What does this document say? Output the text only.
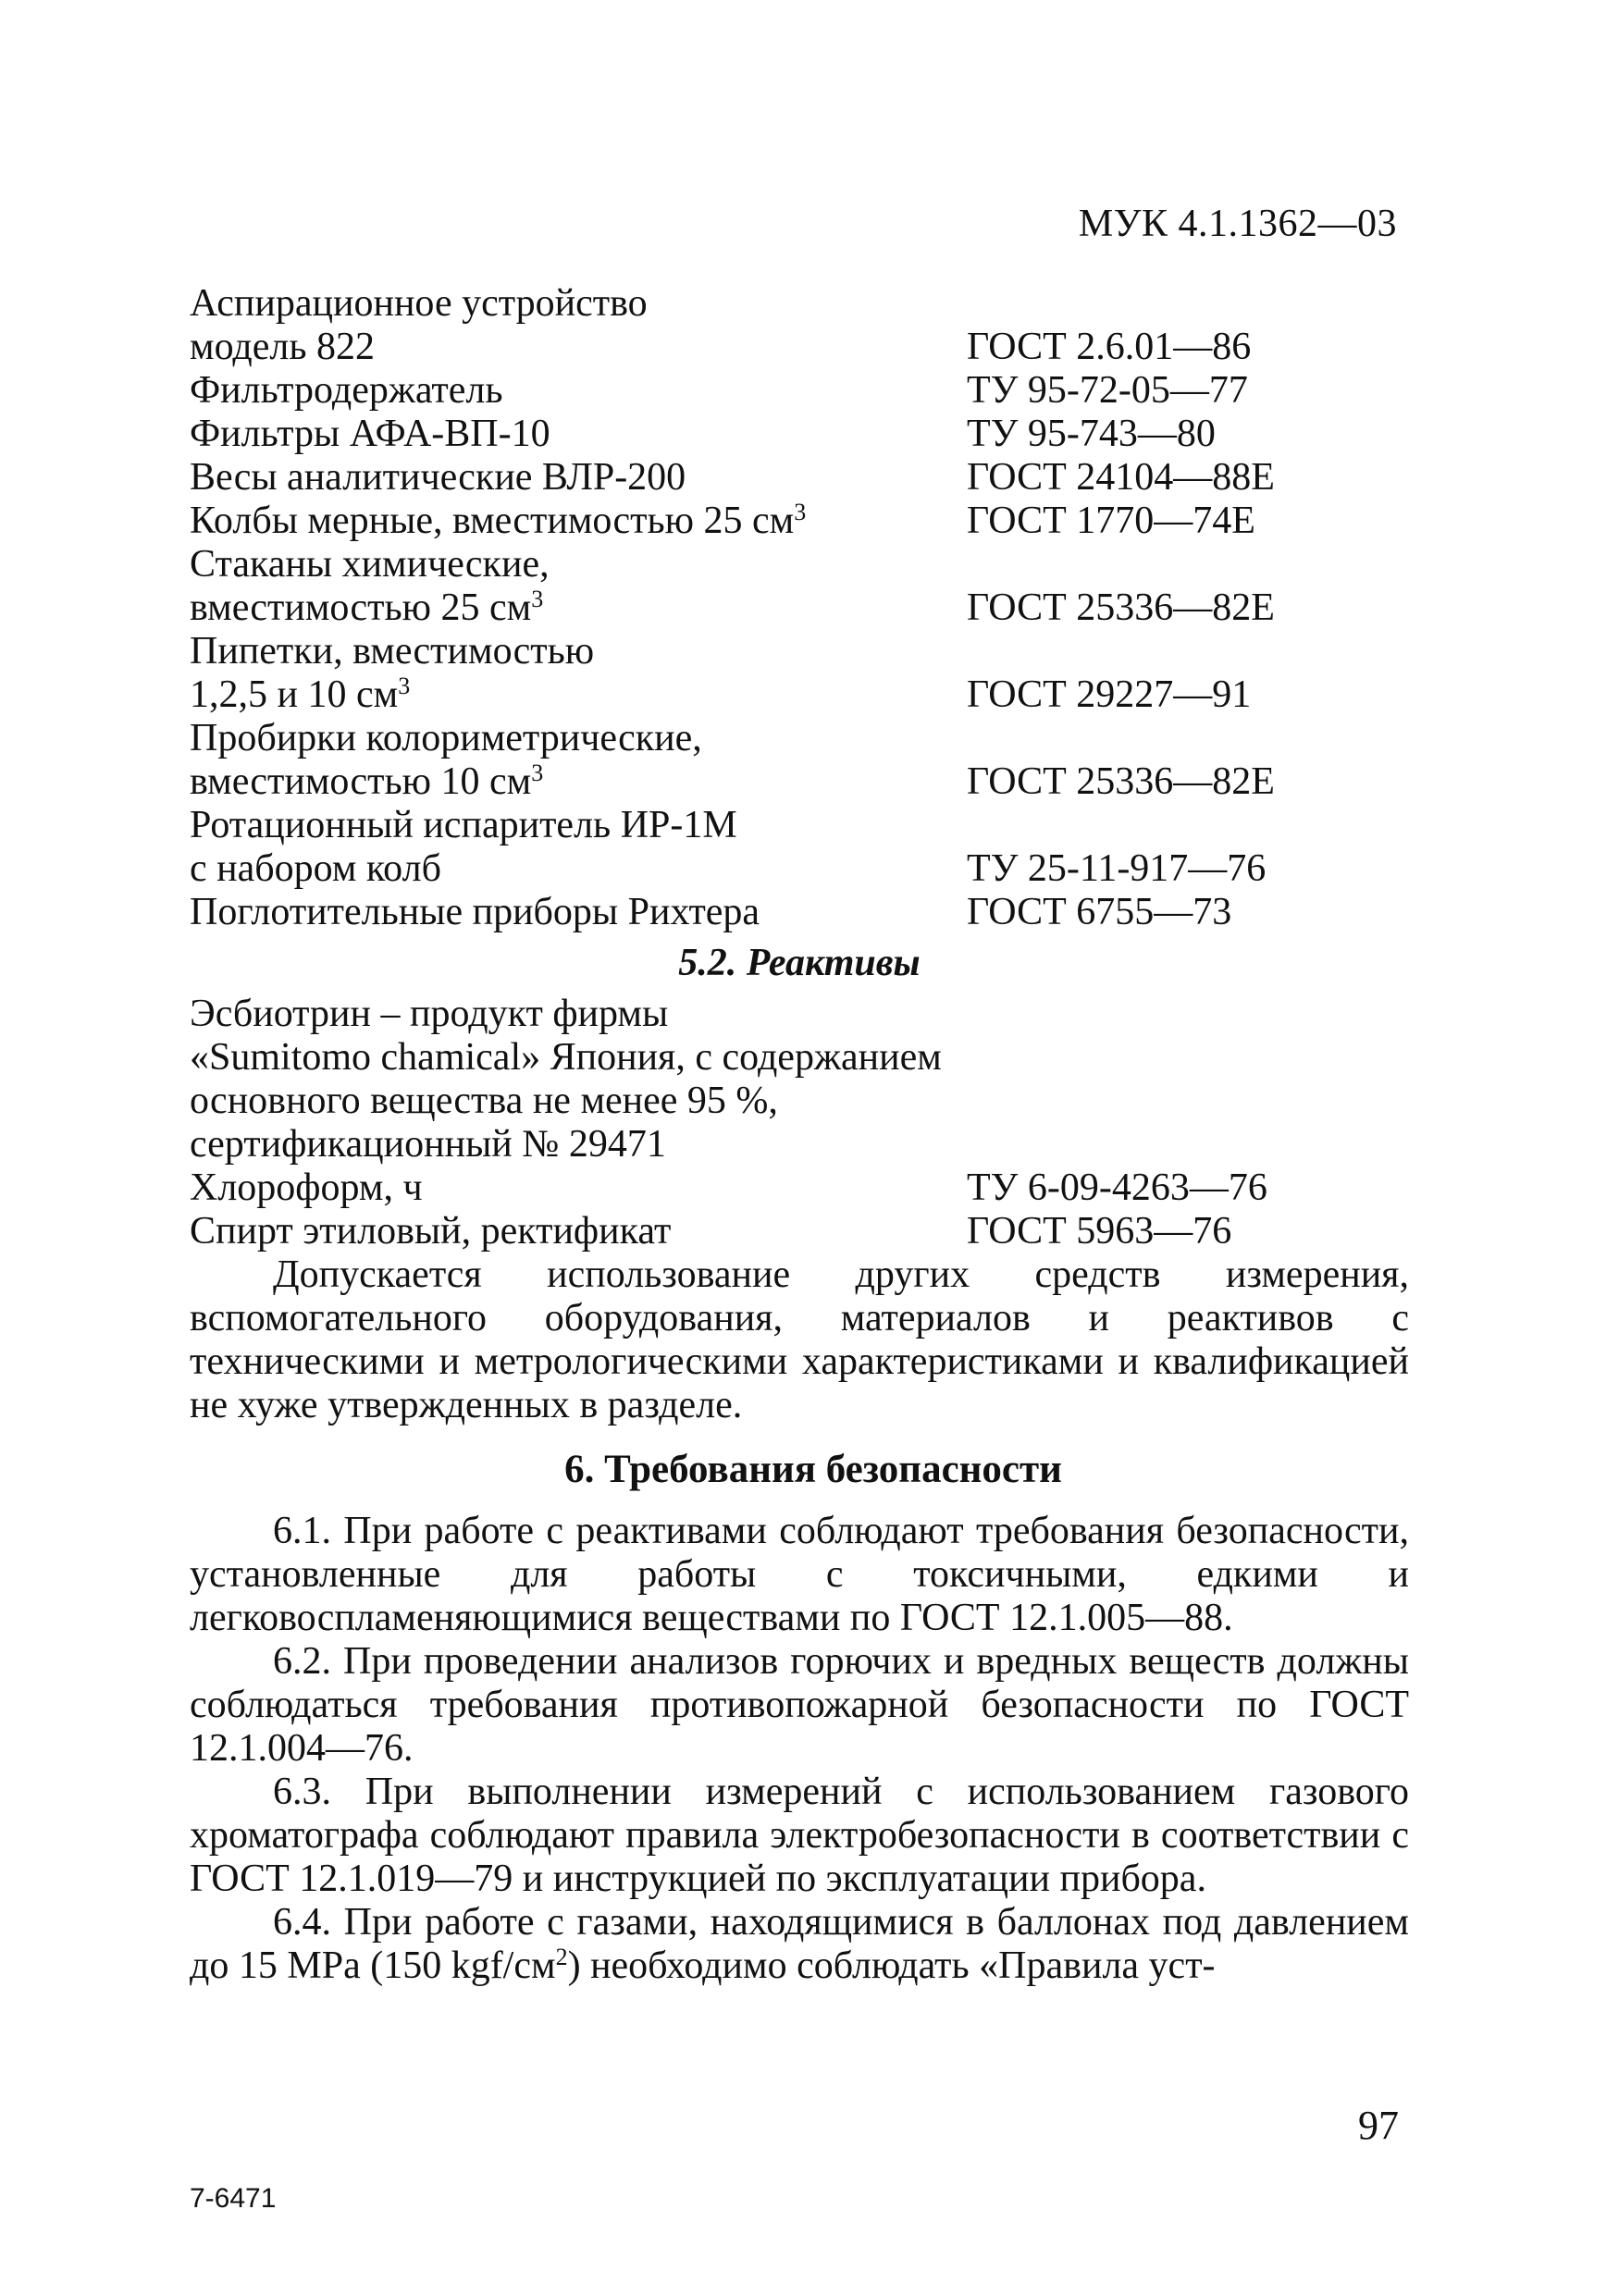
МУК 4.1.1362—03
Аспирационное устройство
модель 822	ГОСТ 2.6.01—86
Фильтродержатель	ТУ 95-72-05—77
Фильтры АФА-ВП-10	ТУ 95-743—80
Весы аналитические ВЛР-200	ГОСТ 24104—88Е
Колбы мерные, вместимостью 25 $см^3$	ГОСТ 1770—74Е
Стаканы химические,
вместимостью 25 $см^3$	ГОСТ 25336—82Е
Пипетки, вместимостью
1,2,5 и 10 $см^3$	ГОСТ 29227—91
Пробирки колориметрические,
вместимостью 10 $см^3$	ГОСТ 25336—82Е
Ротационный испаритель ИР-1М
с набором колб	ТУ 25-11-917—76
Поглотительные приборы Рихтера	ГОСТ 6755—73
5.2. Реактивы
Эсбиотрин – продукт фирмы
«Sumitomo chamical» Япония, с содержанием
основного вещества не менее 95 %,
сертификационный № 29471
Хлороформ, ч	ТУ 6-09-4263—76
Спирт этиловый, ректификат	ГОСТ 5963—76

Допускается использование других средств измерения, вспомогательного оборудования, материалов и реактивов с техническими и метрологическими характеристиками и квалификацией не хуже утвержденных в разделе.

6. Требования безопасности

6.1. При работе с реактивами соблюдают требования безопасности, установленные для работы с токсичными, едкими и легковоспламеняющимися веществами по ГОСТ 12.1.005—88.

6.2. При проведении анализов горючих и вредных веществ должны соблюдаться требования противопожарной безопасности по ГОСТ 12.1.004—76.

6.3. При выполнении измерений с использованием газового хроматографа соблюдают правила электробезопасности в соответствии с ГОСТ 12.1.019—79 и инструкцией по эксплуатации прибора.

6.4. При работе с газами, находящимися в баллонах под давлением до 15 MPa (150 kgf/$см^2$) необходимо соблюдать «Правила уст-

97
7-6471
